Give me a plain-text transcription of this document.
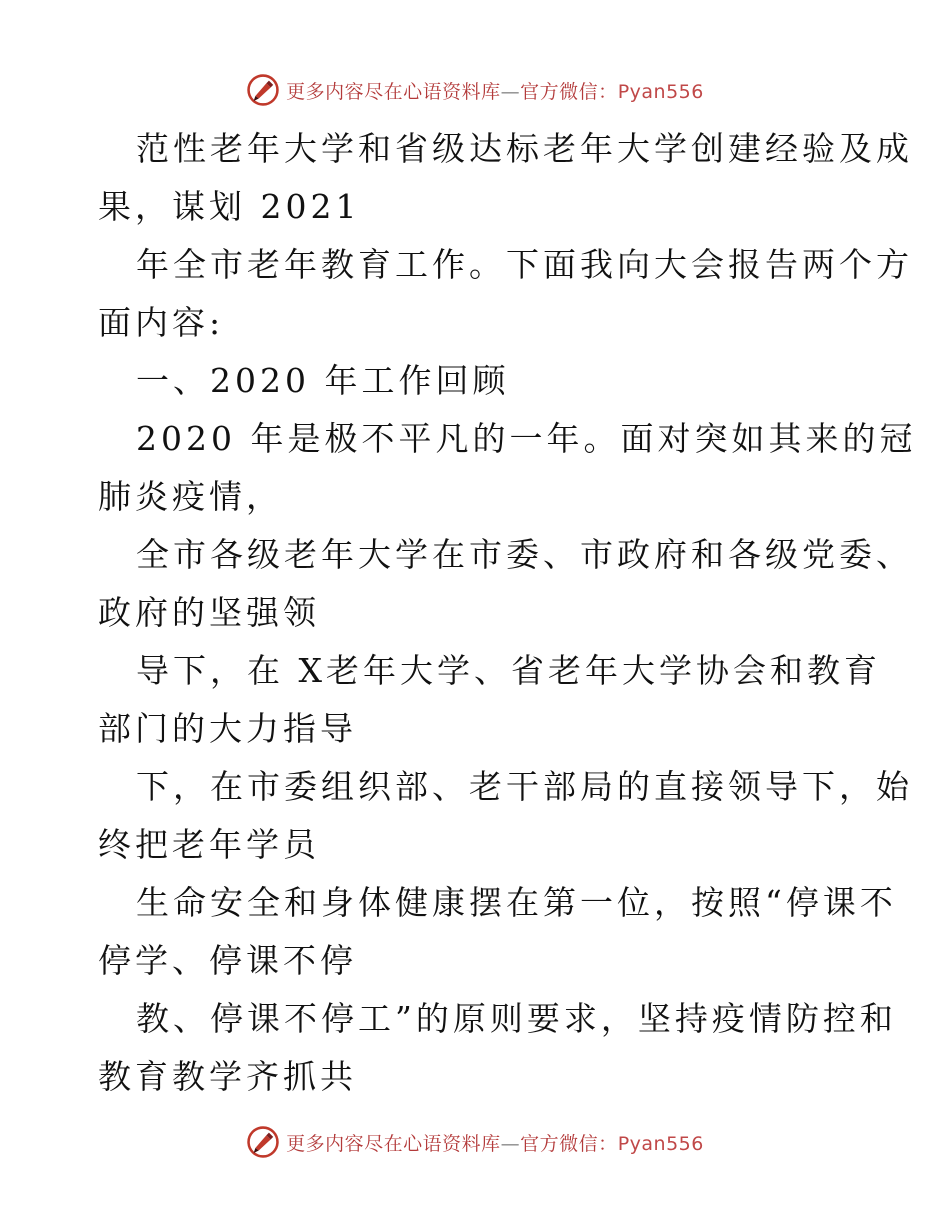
更多内容尽在心语资料库—官方微信：Pyan556
范性老年大学和省级达标老年大学创建经验及成
果，谋划 2021
年全市老年教育工作。下面我向大会报告两个方
面内容:
一、2020 年工作回顾
2020 年是极不平凡的一年。面对突如其来的冠
肺炎疫情，
全市各级老年大学在市委、市政府和各级党委、
政府的坚强领
导下，在 X老年大学、省老年大学协会和教育
部门的大力指导
下，在市委组织部、老干部局的直接领导下，始
终把老年学员
生命安全和身体健康摆在第一位，按照“停课不
停学、停课不停
教、停课不停工”的原则要求，坚持疫情防控和
教育教学齐抓共
更多内容尽在心语资料库—官方微信：Pyan556
